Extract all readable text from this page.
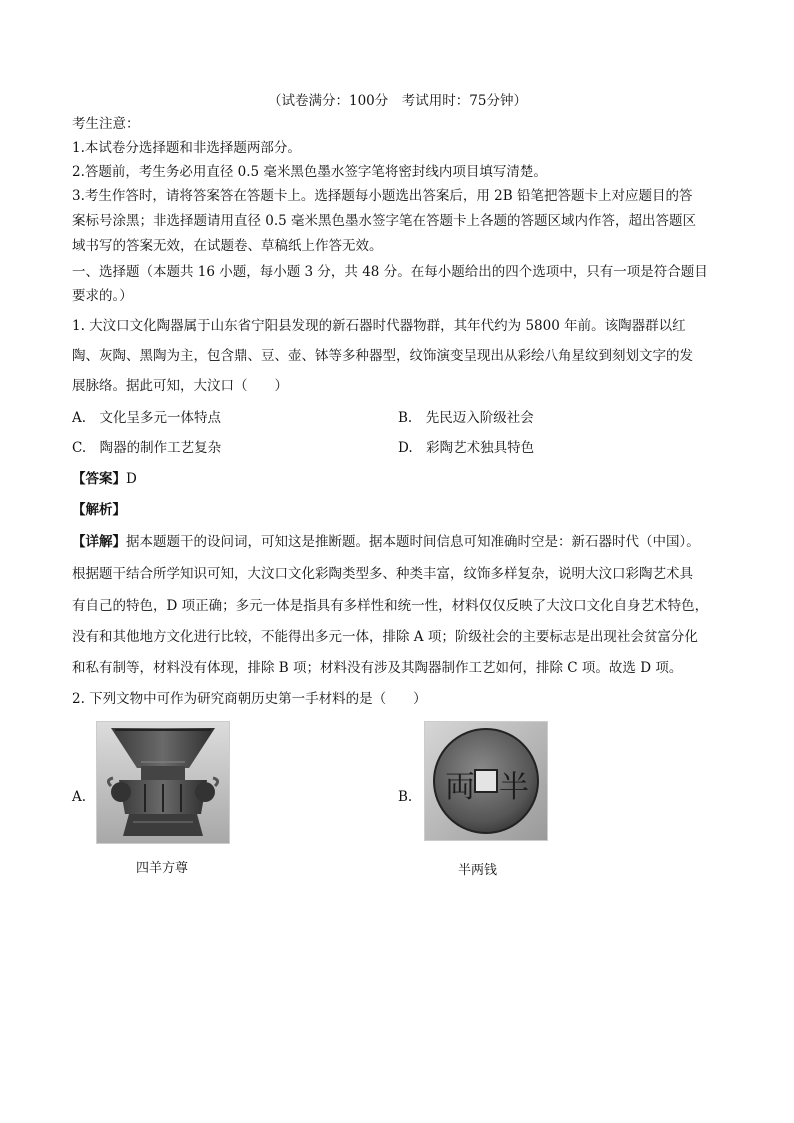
（试卷满分：100分　考试用时：75分钟）
考生注意：
1.本试卷分选择题和非选择题两部分。
2.答题前，考生务必用直径 0.5 毫米黑色墨水签字笔将密封线内项目填写清楚。
3.考生作答时，请将答案答在答题卡上。选择题每小题选出答案后，用 2B 铅笔把答题卡上对应题目的答
案标号涂黑；非选择题请用直径 0.5 毫米黑色墨水签字笔在答题卡上各题的答题区域内作答，超出答题区
域书写的答案无效，在试题卷、草稿纸上作答无效。
一、选择题（本题共 16 小题，每小题 3 分，共 48 分。在每小题给出的四个选项中，只有一项是符合题目
要求的。）
1. 大汶口文化陶器属于山东省宁阳县发现的新石器时代器物群，其年代约为 5800 年前。该陶器群以红
陶、灰陶、黑陶为主，包含鼎、豆、壶、钵等多种器型，纹饰演变呈现出从彩绘八角星纹到刻划文字的发
展脉络。据此可知，大汶口（　　）
A.　文化呈多元一体特点	B.　先民迈入阶级社会
C.　陶器的制作工艺复杂	D.　彩陶艺术独具特色
【答案】D
【解析】
【详解】据本题题干的设问词，可知这是推断题。据本题时间信息可知准确时空是：新石器时代（中国）。
根据题干结合所学知识可知，大汶口文化彩陶类型多、种类丰富，纹饰多样复杂，说明大汶口彩陶艺术具
有自己的特色，D 项正确；多元一体是指具有多样性和统一性，材料仅仅反映了大汶口文化自身艺术特色，
没有和其他地方文化进行比较，不能得出多元一体，排除 A 项；阶级社会的主要标志是出现社会贫富分化
和私有制等，材料没有体现，排除 B 项；材料没有涉及其陶器制作工艺如何，排除 C 项。故选 D 项。
2. 下列文物中可作为研究商朝历史第一手材料的是（　　）
A.
四羊方尊
B. 両 半
半两钱
